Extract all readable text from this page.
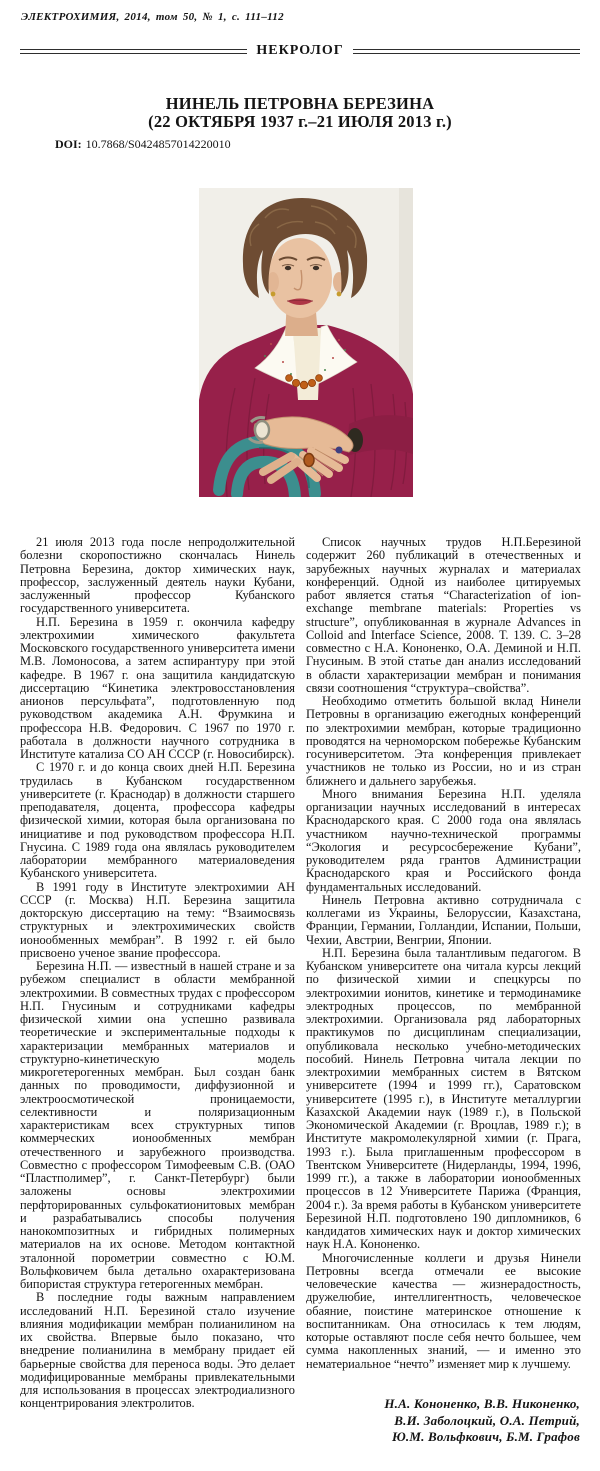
ЭЛЕКТРОХИМИЯ, 2014, том 50, № 1, с. 111–112
НЕКРОЛОГ
НИНЕЛЬ ПЕТРОВНА БЕРЕЗИНА
(22 ОКТЯБРЯ 1937 г.–21 ИЮЛЯ 2013 г.)
DOI: 10.7868/S0424857014220010

21 июля 2013 года после непродолжительной болезни скоропостижно скончалась Нинель Петровна Березина, доктор химических наук, профессор, заслуженный деятель науки Кубани, заслуженный профессор Кубанского государственного университета.

Н.П. Березина в 1959 г. окончила кафедру электрохимии химического факультета Московского государственного университета имени М.В. Ломоносова, а затем аспирантуру при этой кафедре. В 1967 г. она защитила кандидатскую диссертацию “Кинетика электровосстановления анионов персульфата”, подготовленную под руководством академика А.Н. Фрумкина и профессора Н.В. Федорович. С 1967 по 1970 г. работала в должности научного сотрудника в Институте катализа СО АН СССР (г. Новосибирск).

С 1970 г. и до конца своих дней Н.П. Березина трудилась в Кубанском государственном университете (г. Краснодар) в должности старшего преподавателя, доцента, профессора кафедры физической химии, которая была организована по инициативе и под руководством профессора Н.П. Гнусина. С 1989 года она являлась руководителем лаборатории мембранного материаловедения Кубанского университета.

В 1991 году в Институте электрохимии АН СССР (г. Москва) Н.П. Березина защитила докторскую диссертацию на тему: “Взаимосвязь структурных и электрохимических свойств ионообменных мембран”. В 1992 г. ей было присвоено ученое звание профессора.

Березина Н.П. — известный в нашей стране и за рубежом специалист в области мембранной электрохимии. В совместных трудах с профессором Н.П. Гнусиным и сотрудниками кафедры физической химии она успешно развивала теоретические и экспериментальные подходы к характеризации мембранных материалов и структурно-кинетическую модель микрогетерогенных мембран. Был создан банк данных по проводимости, диффузионной и электроосмотической проницаемости, селективности и поляризационным характеристикам всех структурных типов коммерческих ионообменных мембран отечественного и зарубежного производства. Совместно с профессором Тимофеевым С.В. (ОАО “Пластполимер”, г. Санкт-Петербург) были заложены основы электрохимии перфторированных сульфокатионитовых мембран и разрабатывались способы получения нанокомпозитных и гибридных полимерных материалов на их основе. Методом контактной эталонной порометрии совместно с Ю.М. Вольфковичем была детально охарактеризована бипористая структура гетерогенных мембран.

В последние годы важным направлением исследований Н.П. Березиной стало изучение влияния модификации мембран полианилином на их свойства. Впервые было показано, что внедрение полианилина в мембрану придает ей барьерные свойства для переноса воды. Это делает модифицированные мембраны привлекательными для использования в процессах электродиализного концентрирования электролитов.

Список научных трудов Н.П.Березиной содержит 260 публикаций в отечественных и зарубежных научных журналах и материалах конференций. Одной из наиболее цитируемых работ является статья “Characterization of ion-exchange membrane materials: Properties vs structure”, опубликованная в журнале Advances in Colloid and Interface Science, 2008. Т. 139. С. 3–28 совместно с Н.А. Кононенко, О.А. Деминой и Н.П. Гнусиным. В этой статье дан анализ исследований в области характеризации мембран и понимания связи соотношения “структура–свойства”.

Необходимо отметить большой вклад Нинели Петровны в организацию ежегодных конференций по электрохимии мембран, которые традиционно проводятся на черноморском побережье Кубанским госуниверситетом. Эта конференция привлекает участников не только из России, но и из стран ближнего и дальнего зарубежья.

Много внимания Березина Н.П. уделяла организации научных исследований в интересах Краснодарского края. С 2000 года она являлась участником научно-технической программы “Экология и ресурсосбережение Кубани”, руководителем ряда грантов Администрации Краснодарского края и Российского фонда фундаментальных исследований.

Нинель Петровна активно сотрудничала с коллегами из Украины, Белоруссии, Казахстана, Франции, Германии, Голландии, Испании, Польши, Чехии, Австрии, Венгрии, Японии.

Н.П. Березина была талантливым педагогом. В Кубанском университете она читала курсы лекций по физической химии и спецкурсы по электрохимии ионитов, кинетике и термодинамике электродных процессов, по мембранной электрохимии. Организовала ряд лабораторных практикумов по дисциплинам специализации, опубликовала несколько учебно-методических пособий. Нинель Петровна читала лекции по электрохимии мембранных систем в Вятском университете (1994 и 1999 гг.), Саратовском университете (1995 г.), в Институте металлургии Казахской Академии наук (1989 г.), в Польской Экономической Академии (г. Вроцлав, 1989 г.); в Институте макромолекулярной химии (г. Прага, 1993 г.). Была приглашенным профессором в Твентском Университете (Нидерланды, 1994, 1996, 1999 гг.), а также в лаборатории ионообменных процессов в 12 Университете Парижа (Франция, 2004 г.). За время работы в Кубанском университете Березиной Н.П. подготовлено 190 дипломников, 6 кандидатов химических наук и доктор химических наук Н.А. Кононенко.

Многочисленные коллеги и друзья Нинели Петровны всегда отмечали ее высокие человеческие качества — жизнерадостность, дружелюбие, интеллигентность, человеческое обаяние, поистине материнское отношение к воспитанникам. Она относилась к тем людям, которые оставляют после себя нечто большее, чем сумма накопленных знаний, — и именно это нематериальное “нечто” изменяет мир к лучшему.

Н.А. Кононенко, В.В. Никоненко,
В.И. Заболоцкий, О.А. Петрий,
Ю.М. Вольфкович, Б.М. Графов
